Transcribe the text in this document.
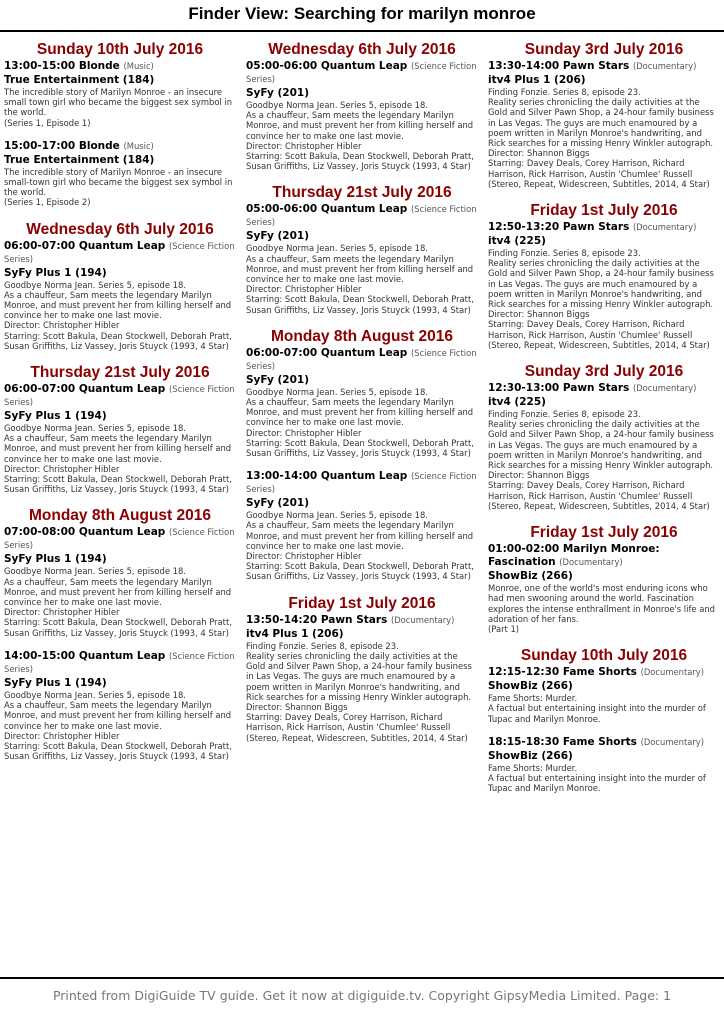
Finder View: Searching for marilyn monroe
Sunday 10th July 2016
13:00-15:00 Blonde (Music)
True Entertainment (184)
The incredible story of Marilyn Monroe - an insecure small town girl who became the biggest sex symbol in the world.
(Series 1, Episode 1)
15:00-17:00 Blonde (Music)
True Entertainment (184)
The incredible story of Marilyn Monroe - an insecure small-town girl who became the biggest sex symbol in the world.
(Series 1, Episode 2)
Wednesday 6th July 2016
06:00-07:00 Quantum Leap (Science Fiction Series)
SyFy Plus 1 (194)
Goodbye Norma Jean. Series 5, episode 18.
As a chauffeur, Sam meets the legendary Marilyn Monroe, and must prevent her from killing herself and convince her to make one last movie.
Director: Christopher Hibler
Starring: Scott Bakula, Dean Stockwell, Deborah Pratt, Susan Griffiths, Liz Vassey, Joris Stuyck (1993, 4 Star)
Thursday 21st July 2016
06:00-07:00 Quantum Leap (Science Fiction Series)
SyFy Plus 1 (194)
Goodbye Norma Jean. Series 5, episode 18.
As a chauffeur, Sam meets the legendary Marilyn Monroe, and must prevent her from killing herself and convince her to make one last movie.
Director: Christopher Hibler
Starring: Scott Bakula, Dean Stockwell, Deborah Pratt, Susan Griffiths, Liz Vassey, Joris Stuyck (1993, 4 Star)
Monday 8th August 2016
07:00-08:00 Quantum Leap (Science Fiction Series)
SyFy Plus 1 (194)
Goodbye Norma Jean. Series 5, episode 18.
As a chauffeur, Sam meets the legendary Marilyn Monroe, and must prevent her from killing herself and convince her to make one last movie.
Director: Christopher Hibler
Starring: Scott Bakula, Dean Stockwell, Deborah Pratt, Susan Griffiths, Liz Vassey, Joris Stuyck (1993, 4 Star)
14:00-15:00 Quantum Leap (Science Fiction Series)
SyFy Plus 1 (194)
Goodbye Norma Jean. Series 5, episode 18.
As a chauffeur, Sam meets the legendary Marilyn Monroe, and must prevent her from killing herself and convince her to make one last movie.
Director: Christopher Hibler
Starring: Scott Bakula, Dean Stockwell, Deborah Pratt, Susan Griffiths, Liz Vassey, Joris Stuyck (1993, 4 Star)
Wednesday 6th July 2016
05:00-06:00 Quantum Leap (Science Fiction Series)
SyFy (201)
Goodbye Norma Jean. Series 5, episode 18.
As a chauffeur, Sam meets the legendary Marilyn Monroe, and must prevent her from killing herself and convince her to make one last movie.
Director: Christopher Hibler
Starring: Scott Bakula, Dean Stockwell, Deborah Pratt, Susan Griffiths, Liz Vassey, Joris Stuyck (1993, 4 Star)
Thursday 21st July 2016
05:00-06:00 Quantum Leap (Science Fiction Series)
SyFy (201)
Goodbye Norma Jean. Series 5, episode 18.
As a chauffeur, Sam meets the legendary Marilyn Monroe, and must prevent her from killing herself and convince her to make one last movie.
Director: Christopher Hibler
Starring: Scott Bakula, Dean Stockwell, Deborah Pratt, Susan Griffiths, Liz Vassey, Joris Stuyck (1993, 4 Star)
Monday 8th August 2016
06:00-07:00 Quantum Leap (Science Fiction Series)
SyFy (201)
Goodbye Norma Jean. Series 5, episode 18.
As a chauffeur, Sam meets the legendary Marilyn Monroe, and must prevent her from killing herself and convince her to make one last movie.
Director: Christopher Hibler
Starring: Scott Bakula, Dean Stockwell, Deborah Pratt, Susan Griffiths, Liz Vassey, Joris Stuyck (1993, 4 Star)
13:00-14:00 Quantum Leap (Science Fiction Series)
SyFy (201)
Goodbye Norma Jean. Series 5, episode 18.
As a chauffeur, Sam meets the legendary Marilyn Monroe, and must prevent her from killing herself and convince her to make one last movie.
Director: Christopher Hibler
Starring: Scott Bakula, Dean Stockwell, Deborah Pratt, Susan Griffiths, Liz Vassey, Joris Stuyck (1993, 4 Star)
Friday 1st July 2016
13:50-14:20 Pawn Stars (Documentary)
itv4 Plus 1 (206)
Finding Fonzie. Series 8, episode 23.
Reality series chronicling the daily activities at the Gold and Silver Pawn Shop, a 24-hour family business in Las Vegas. The guys are much enamoured by a poem written in Marilyn Monroe's handwriting, and Rick searches for a missing Henry Winkler autograph.
Director: Shannon Biggs
Starring: Davey Deals, Corey Harrison, Richard Harrison, Rick Harrison, Austin 'Chumlee' Russell (Stereo, Repeat, Widescreen, Subtitles, 2014, 4 Star)
Sunday 3rd July 2016
13:30-14:00 Pawn Stars (Documentary)
itv4 Plus 1 (206)
Finding Fonzie. Series 8, episode 23.
Reality series chronicling the daily activities at the Gold and Silver Pawn Shop, a 24-hour family business in Las Vegas. The guys are much enamoured by a poem written in Marilyn Monroe's handwriting, and Rick searches for a missing Henry Winkler autograph.
Director: Shannon Biggs
Starring: Davey Deals, Corey Harrison, Richard Harrison, Rick Harrison, Austin 'Chumlee' Russell (Stereo, Repeat, Widescreen, Subtitles, 2014, 4 Star)
Friday 1st July 2016
12:50-13:20 Pawn Stars (Documentary)
itv4 (225)
Finding Fonzie. Series 8, episode 23.
Reality series chronicling the daily activities at the Gold and Silver Pawn Shop, a 24-hour family business in Las Vegas. The guys are much enamoured by a poem written in Marilyn Monroe's handwriting, and Rick searches for a missing Henry Winkler autograph.
Director: Shannon Biggs
Starring: Davey Deals, Corey Harrison, Richard Harrison, Rick Harrison, Austin 'Chumlee' Russell (Stereo, Repeat, Widescreen, Subtitles, 2014, 4 Star)
Sunday 3rd July 2016
12:30-13:00 Pawn Stars (Documentary)
itv4 (225)
Finding Fonzie. Series 8, episode 23.
Reality series chronicling the daily activities at the Gold and Silver Pawn Shop, a 24-hour family business in Las Vegas. The guys are much enamoured by a poem written in Marilyn Monroe's handwriting, and Rick searches for a missing Henry Winkler autograph.
Director: Shannon Biggs
Starring: Davey Deals, Corey Harrison, Richard Harrison, Rick Harrison, Austin 'Chumlee' Russell (Stereo, Repeat, Widescreen, Subtitles, 2014, 4 Star)
Friday 1st July 2016
01:00-02:00 Marilyn Monroe: Fascination (Documentary)
ShowBiz (266)
Monroe, one of the world's most enduring icons who had men swooning around the world. Fascination explores the intense enthrallment in Monroe's life and adoration of her fans.
(Part 1)
Sunday 10th July 2016
12:15-12:30 Fame Shorts (Documentary)
ShowBiz (266)
Fame Shorts: Murder.
A factual but entertaining insight into the murder of Tupac and Marilyn Monroe.
18:15-18:30 Fame Shorts (Documentary)
ShowBiz (266)
Fame Shorts: Murder.
A factual but entertaining insight into the murder of Tupac and Marilyn Monroe.
Printed from DigiGuide TV guide. Get it now at digiguide.tv. Copyright GipsyMedia Limited. Page: 1
